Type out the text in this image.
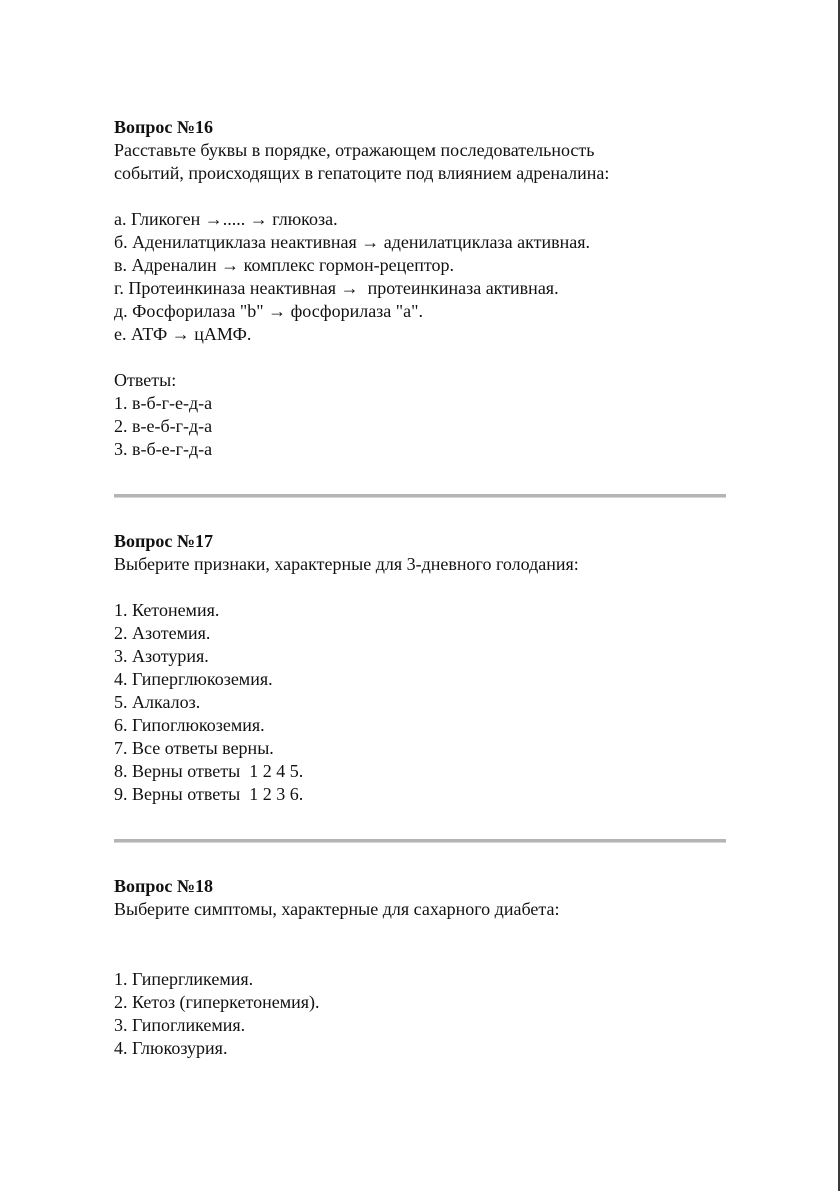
Вопрос №16
Расставьте буквы в порядке, отражающем последовательность
событий, происходящих в гепатоците под влиянием адреналина:
а. Гликоген →..... → глюкоза.
б. Аденилатциклаза неактивная → аденилатциклаза активная.
в. Адреналин → комплекс гормон-рецептор.
г. Протеинкиназа неактивная →  протеинкиназа активная.
д. Фосфорилаза "b" → фосфорилаза "а".
е. АТФ → цАМФ.
Ответы:
1. в-б-г-е-д-а
2. в-е-б-г-д-а
3. в-б-е-г-д-а
Вопрос №17
Выберите признаки, характерные для 3-дневного голодания:
1. Кетонемия.
2. Азотемия.
3. Азотурия.
4. Гиперглюкоземия.
5. Алкалоз.
6. Гипоглюкоземия.
7. Все ответы верны.
8. Верны ответы  1 2 4 5.
9. Верны ответы  1 2 3 6.
Вопрос №18
Выберите симптомы, характерные для сахарного диабета:
1. Гипергликемия.
2. Кетоз (гиперкетонемия).
3. Гипогликемия.
4. Глюкозурия.
